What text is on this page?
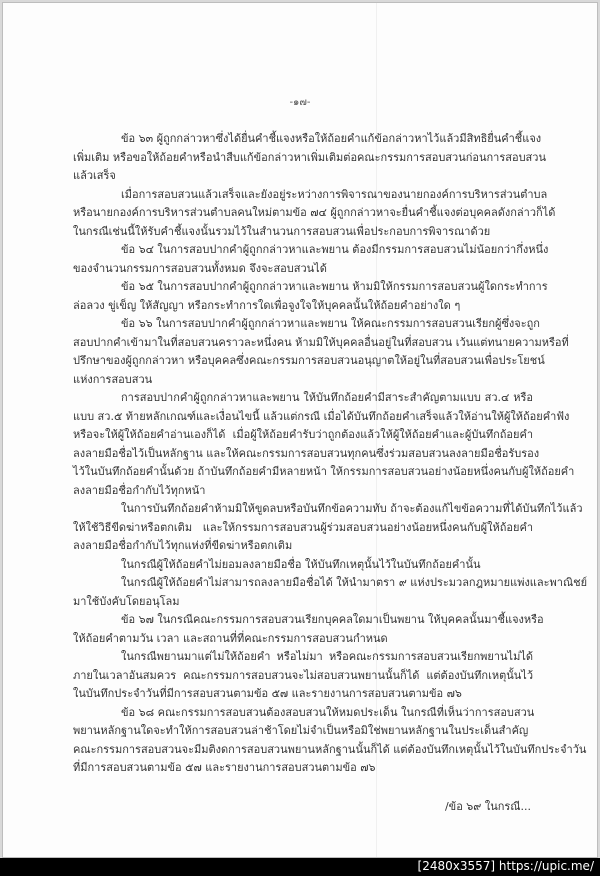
-๑๗-
ข้อ ๖๓ ผู้ถูกกล่าวหาซึ่งได้ยื่นคำชี้แจงหรือให้ถ้อยคำแก้ข้อกล่าวหาไว้แล้วมีสิทธิยื่นคำชี้แจง
เพิ่มเติม หรือขอให้ถ้อยคำหรือนำสืบแก้ข้อกล่าวหาเพิ่มเติมต่อคณะกรรมการสอบสวนก่อนการสอบสวน
แล้วเสร็จ
เมื่อการสอบสวนแล้วเสร็จและยังอยู่ระหว่างการพิจารณาของนายกองค์การบริหารส่วนตำบล
หรือนายกองค์การบริหารส่วนตำบลคนใหม่ตามข้อ ๗๔ ผู้ถูกกล่าวหาจะยื่นคำชี้แจงต่อบุคคลดังกล่าวก็ได้
ในกรณีเช่นนี้ให้รับคำชี้แจงนั้นรวมไว้ในสำนวนการสอบสวนเพื่อประกอบการพิจารณาด้วย
ข้อ ๖๔ ในการสอบปากคำผู้ถูกกล่าวหาและพยาน ต้องมีกรรมการสอบสวนไม่น้อยกว่ากึ่งหนึ่ง
ของจำนวนกรรมการสอบสวนทั้งหมด จึงจะสอบสวนได้
ข้อ ๖๕ ในการสอบปากคำผู้ถูกกล่าวหาและพยาน ห้ามมิให้กรรมการสอบสวนผู้ใดกระทำการ
ล่อลวง ขู่เข็ญ ให้สัญญา หรือกระทำการใดเพื่อจูงใจให้บุคคลนั้นให้ถ้อยคำอย่างใด ๆ
ข้อ ๖๖ ในการสอบปากคำผู้ถูกกล่าวหาและพยาน ให้คณะกรรมการสอบสวนเรียกผู้ซึ่งจะถูก
สอบปากคำเข้ามาในที่สอบสวนคราวละหนึ่งคน ห้ามมิให้บุคคลอื่นอยู่ในที่สอบสวน เว้นแต่ทนายความหรือที่
ปรึกษาของผู้ถูกกล่าวหา หรือบุคคลซึ่งคณะกรรมการสอบสวนอนุญาตให้อยู่ในที่สอบสวนเพื่อประโยชน์
แห่งการสอบสวน
การสอบปากคำผู้ถูกกล่าวหาและพยาน ให้บันทึกถ้อยคำมีสาระสำคัญตามแบบ สว.๔ หรือ
แบบ สว.๕ ท้ายหลักเกณฑ์และเงื่อนไขนี้ แล้วแต่กรณี เมื่อได้บันทึกถ้อยคำเสร็จแล้วให้อ่านให้ผู้ให้ถ้อยคำฟัง
หรือจะให้ผู้ให้ถ้อยคำอ่านเองก็ได้ เมื่อผู้ให้ถ้อยคำรับว่าถูกต้องแล้วให้ผู้ให้ถ้อยคำและผู้บันทึกถ้อยคำ
ลงลายมือชื่อไว้เป็นหลักฐาน และให้คณะกรรมการสอบสวนทุกคนซึ่งร่วมสอบสวนลงลายมือชื่อรับรอง
ไว้ในบันทึกถ้อยคำนั้นด้วย ถ้าบันทึกถ้อยคำมีหลายหน้า ให้กรรมการสอบสวนอย่างน้อยหนึ่งคนกับผู้ให้ถ้อยคำ
ลงลายมือชื่อกำกับไว้ทุกหน้า
ในการบันทึกถ้อยคำห้ามมิให้ขูดลบหรือบันทึกข้อความทับ ถ้าจะต้องแก้ไขข้อความที่ได้บันทึกไว้แล้ว
ให้ใช้วิธีขีดฆ่าหรือตกเติม และให้กรรมการสอบสวนผู้ร่วมสอบสวนอย่างน้อยหนึ่งคนกับผู้ให้ถ้อยคำ
ลงลายมือชื่อกำกับไว้ทุกแห่งที่ขีดฆ่าหรือตกเติม
ในกรณีผู้ให้ถ้อยคำไม่ยอมลงลายมือชื่อ ให้บันทึกเหตุนั้นไว้ในบันทึกถ้อยคำนั้น
ในกรณีผู้ให้ถ้อยคำไม่สามารถลงลายมือชื่อได้ ให้นำมาตรา ๙ แห่งประมวลกฎหมายแพ่งและพาณิชย์
มาใช้บังคับโดยอนุโลม
ข้อ ๖๗ ในกรณีคณะกรรมการสอบสวนเรียกบุคคลใดมาเป็นพยาน ให้บุคคลนั้นมาชี้แจงหรือ
ให้ถ้อยคำตามวัน เวลา และสถานที่ที่คณะกรรมการสอบสวนกำหนด
ในกรณีพยานมาแต่ไม่ให้ถ้อยคำ หรือไม่มา หรือคณะกรรมการสอบสวนเรียกพยานไม่ได้
ภายในเวลาอันสมควร คณะกรรมการสอบสวนจะไม่สอบสวนพยานนั้นก็ได้ แต่ต้องบันทึกเหตุนั้นไว้
ในบันทึกประจำวันที่มีการสอบสวนตามข้อ ๕๗ และรายงานการสอบสวนตามข้อ ๗๖
ข้อ ๖๘ คณะกรรมการสอบสวนต้องสอบสวนให้หมดประเด็น ในกรณีที่เห็นว่าการสอบสวน
พยานหลักฐานใดจะทำให้การสอบสวนล่าช้าโดยไม่จำเป็นหรือมิใช่พยานหลักฐานในประเด็นสำคัญ
คณะกรรมการสอบสวนจะมีมติงดการสอบสวนพยานหลักฐานนั้นก็ได้ แต่ต้องบันทึกเหตุนั้นไว้ในบันทึกประจำวัน
ที่มีการสอบสวนตามข้อ ๕๗ และรายงานการสอบสวนตามข้อ ๗๖
/ข้อ ๖๙ ในกรณี...
[2480x3557] https://upic.me/
